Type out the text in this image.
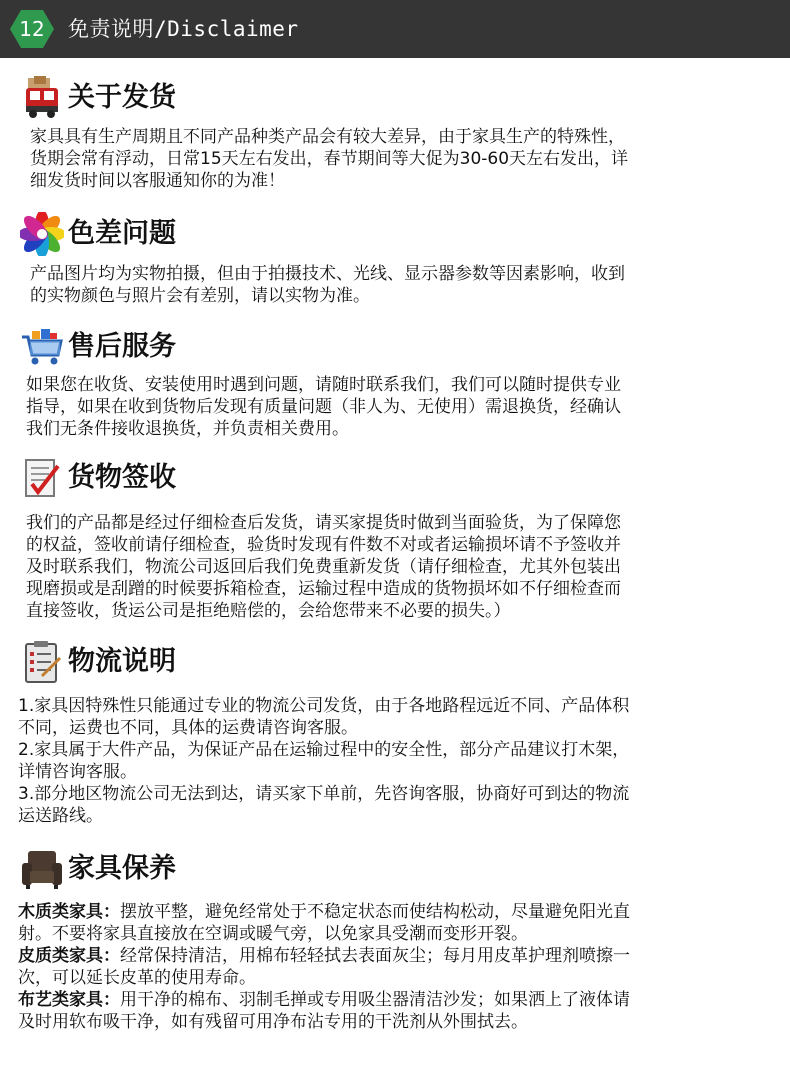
12	免责说明/Disclaimer
关于发货
家具具有生产周期且不同产品种类产品会有较大差异，由于家具生产的特殊性，
货期会常有浮动，日常15天左右发出，春节期间等大促为30-60天左右发出，详
细发货时间以客服通知你的为准！
色差问题
产品图片均为实物拍摄，但由于拍摄技术、光线、显示器参数等因素影响，收到
的实物颜色与照片会有差别，请以实物为准。
售后服务
如果您在收货、安装使用时遇到问题，请随时联系我们，我们可以随时提供专业
指导，如果在收到货物后发现有质量问题（非人为、无使用）需退换货，经确认
我们无条件接收退换货，并负责相关费用。
货物签收
我们的产品都是经过仔细检查后发货，请买家提货时做到当面验货，为了保障您
的权益，签收前请仔细检查，验货时发现有件数不对或者运输损坏请不予签收并
及时联系我们，物流公司返回后我们免费重新发货（请仔细检查，尤其外包装出
现磨损或是刮蹭的时候要拆箱检查，运输过程中造成的货物损坏如不仔细检查而
直接签收，货运公司是拒绝赔偿的，会给您带来不必要的损失。）
物流说明
1.家具因特殊性只能通过专业的物流公司发货，由于各地路程远近不同、产品体积
不同，运费也不同，具体的运费请咨询客服。
2.家具属于大件产品，为保证产品在运输过程中的安全性，部分产品建议打木架，
详情咨询客服。
3.部分地区物流公司无法到达，请买家下单前，先咨询客服，协商好可到达的物流
运送路线。
家具保养
木质类家具：摆放平整，避免经常处于不稳定状态而使结构松动，尽量避免阳光直
射。不要将家具直接放在空调或暖气旁，以免家具受潮而变形开裂。
皮质类家具：经常保持清洁，用棉布轻轻拭去表面灰尘；每月用皮革护理剂喷擦一
次，可以延长皮革的使用寿命。
布艺类家具：用干净的棉布、羽制毛掸或专用吸尘器清洁沙发；如果洒上了液体请
及时用软布吸干净，如有残留可用净布沾专用的干洗剂从外围拭去。
